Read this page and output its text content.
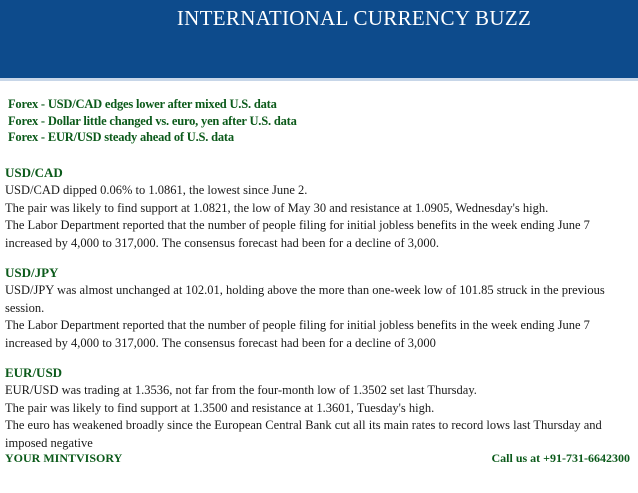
INTERNATIONAL CURRENCY BUZZ
Forex - USD/CAD edges lower after mixed U.S. data
Forex - Dollar little changed vs. euro, yen after U.S. data
Forex - EUR/USD steady ahead of U.S. data
USD/CAD
USD/CAD dipped 0.06% to 1.0861, the lowest since June 2.
The pair was likely to find support at 1.0821, the low of May 30 and resistance at 1.0905, Wednesday's high.
The Labor Department reported that the number of people filing for initial jobless benefits in the week ending June 7 increased by 4,000 to 317,000. The consensus forecast had been for a decline of 3,000.
USD/JPY
USD/JPY was almost unchanged at 102.01, holding above the more than one-week low of 101.85 struck in the previous session.
The Labor Department reported that the number of people filing for initial jobless benefits in the week ending June 7 increased by 4,000 to 317,000. The consensus forecast had been for a decline of 3,000
EUR/USD
EUR/USD was trading at 1.3536, not far from the four-month low of 1.3502 set last Thursday.
The pair was likely to find support at 1.3500 and resistance at 1.3601, Tuesday's high.
The euro has weakened broadly since the European Central Bank cut all its main rates to record lows last Thursday and imposed negative
YOUR MINTVISORY	Call us at +91-731-6642300
